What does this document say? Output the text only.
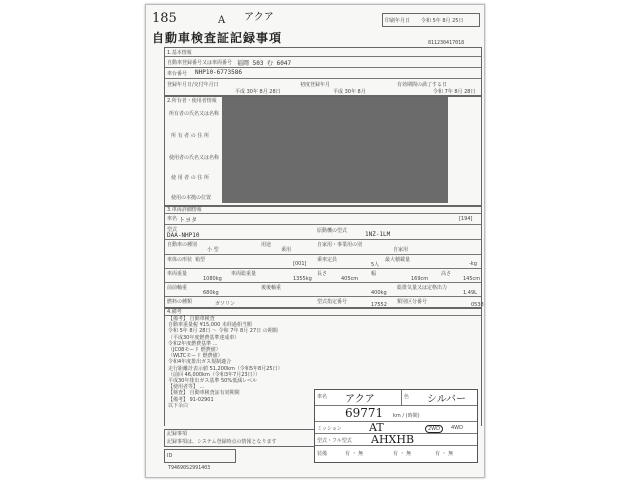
185	A アクア	印刷年月日 令和 5年 8月 25日
自動車検査証記録事項	811230417018
1.基本情報
自動車登録番号又は車両番号 福岡 503 む 6047
車台番号 NHP10-6773586
登録年月日/交付年月日
平成 30年 8月 28日
初度登録年月
平成 30年 8月
有効期間の満了する日
令和 7年 8月 28日
2.所有者・使用者情報
所有者の氏名又は名称
所 有 者 の 住 所
使用者の氏名又は名称
使 用 者 の 住 所
使用の本拠の位置
3.車両詳細情報
車名 トヨタ	[194]
型式
DAA-NHP10
原動機の型式	1NZ-1LM
自動車の種別
小 型
用途
乗用
自家用・事業用の別
自家用
車体の形状 箱型
[001]
乗車定員
5人
最大積載量
-kg
車両重量
1080kg
車両総重量
1355kg
長さ
405cm
幅
169cm
高さ
145cm
前前軸重
680kg
後後軸重
400kg
総排気量又は定格出力
1.49L
燃料の種類	ガソリン	型式指定番号	17552 類別区分番号	0538
4.備考
【備考】 自動車検査
自動車重量税 ¥15,000 未経過相当額
令和 5年 8月 28日 ～ 令和 7年 8月 27日 の期間
（平成30年度燃費基準達成車）
令和2年度燃費基準 ...
（JC08モード 燃費値）
（WLTCモード 燃費値）
令和4年度排出ガス規制適合
走行距離計表示値 51,200km（令和5年8月25日）
（前回 46,000km（令和3年7月23日））
平成30年排出ガス基準 50%低減レベル
【使用者等】 ...
【検査】 自動車検査証有効期間
【備考】 91-02901
以下余白
記録事項
記録事項は、システム登録時点の情報となります
ID
T94690S2991403
車名 アクア	色 シルバー
69771 km / (時間)
ミッション AT	2WD	4WD
型式・フル型式 AHXHB
装備	有 ・ 無	有 ・ 無	有 ・ 無
